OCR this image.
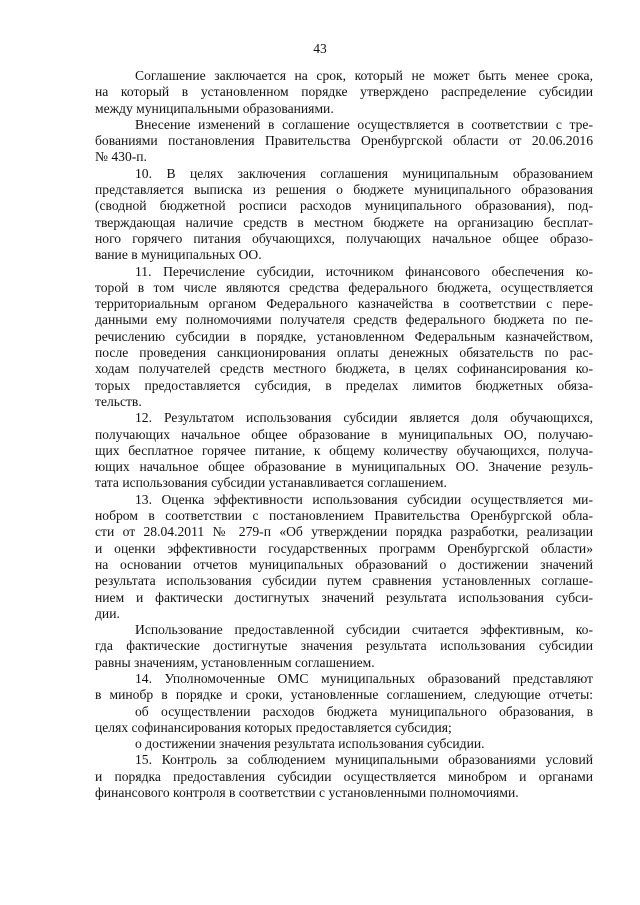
43
Соглашение заключается на срок, который не может быть менее срока,
на который в установленном порядке утверждено распределение субсидии
между муниципальными образованиями.
Внесение изменений в соглашение осуществляется в соответствии с тре-
бованиями постановления Правительства Оренбургской области от 20.06.2016
№ 430-п.
10. В целях заключения соглашения муниципальным образованием
представляется выписка из решения о бюджете муниципального образования
(сводной бюджетной росписи расходов муниципального образования), под-
тверждающая наличие средств в местном бюджете на организацию бесплат-
ного горячего питания обучающихся, получающих начальное общее образо-
вание в муниципальных ОО.
11. Перечисление субсидии, источником финансового обеспечения ко-
торой в том числе являются средства федерального бюджета, осуществляется
территориальным органом Федерального казначейства в соответствии с пере-
данными ему полномочиями получателя средств федерального бюджета по пе-
речислению субсидии в порядке, установленном Федеральным казначейством,
после проведения санкционирования оплаты денежных обязательств по рас-
ходам получателей средств местного бюджета, в целях софинансирования ко-
торых предоставляется субсидия, в пределах лимитов бюджетных обяза-
тельств.
12. Результатом использования субсидии является доля обучающихся,
получающих начальное общее образование в муниципальных ОО, получаю-
щих бесплатное горячее питание, к общему количеству обучающихся, получа-
ющих начальное общее образование в муниципальных ОО. Значение резуль-
тата использования субсидии устанавливается соглашением.
13. Оценка эффективности использования субсидии осуществляется ми-
нобром в соответствии с постановлением Правительства Оренбургской обла-
сти от 28.04.2011 № 279-п «Об утверждении порядка разработки, реализации
и оценки эффективности государственных программ Оренбургской области»
на основании отчетов муниципальных образований о достижении значений
результата использования субсидии путем сравнения установленных соглаше-
нием и фактически достигнутых значений результата использования субси-
дии.
Использование предоставленной субсидии считается эффективным, ко-
гда фактические достигнутые значения результата использования субсидии
равны значениям, установленным соглашением.
14. Уполномоченные ОМС муниципальных образований представляют
в минобр в порядке и сроки, установленные соглашением, следующие отчеты:
об осуществлении расходов бюджета муниципального образования, в
целях софинансирования которых предоставляется субсидия;
о достижении значения результата использования субсидии.
15. Контроль за соблюдением муниципальными образованиями условий
и порядка предоставления субсидии осуществляется минобром и органами
финансового контроля в соответствии с установленными полномочиями.
